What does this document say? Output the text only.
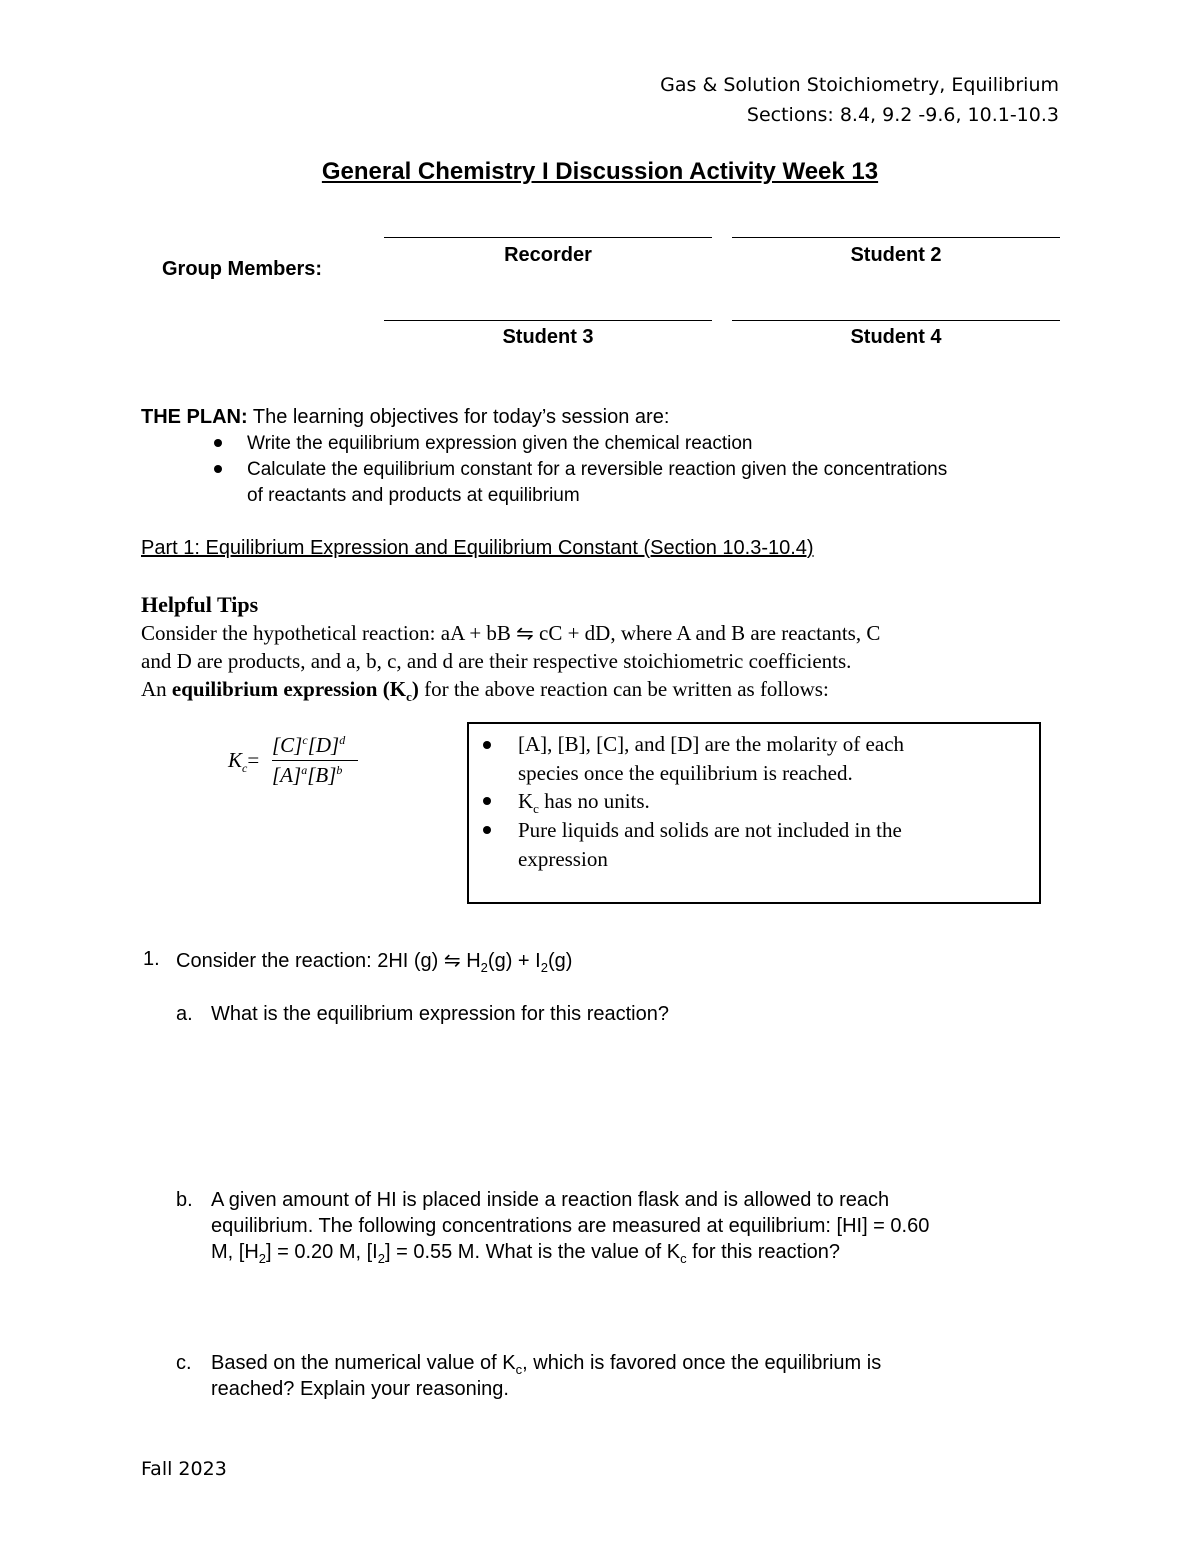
Gas & Solution Stoichiometry, Equilibrium
Sections: 8.4, 9.2 -9.6, 10.1-10.3
General Chemistry I Discussion Activity Week 13
Group Members:
Recorder	Student 2
Student 3	Student 4
THE PLAN: The learning objectives for today’s session are:
Write the equilibrium expression given the chemical reaction
Calculate the equilibrium constant for a reversible reaction given the concentrations
of reactants and products at equilibrium
Part 1: Equilibrium Expression and Equilibrium Constant (Section 10.3-10.4)
Helpful Tips
Consider the hypothetical reaction: aA + bB ⇋ cC + dD, where A and B are reactants, C
and D are products, and a, b, c, and d are their respective stoichiometric coefficients.
An equilibrium expression $(K_c)$ for the above reaction can be written as follows:
$K_c=$
$[C]^c[D]^d$
$[A]^a[B]^b$
[A], [B], [C], and [D] are the molarity of each
species once the equilibrium is reached.
$K_c$ has no units.
Pure liquids and solids are not included in the
expression
1. Consider the reaction: 2HI (g) ⇋ $H_2(g) + I_2(g)$
a. What is the equilibrium expression for this reaction?
b. A given amount of HI is placed inside a reaction flask and is allowed to reach
equilibrium. The following concentrations are measured at equilibrium: [HI] = 0.60
M, $[H_2] = 0.20$ M, $[I_2] = 0.55$ M. What is the value of $K_c$ for this reaction?
c. Based on the numerical value of $K_c$, which is favored once the equilibrium is
reached? Explain your reasoning.
Fall 2023
